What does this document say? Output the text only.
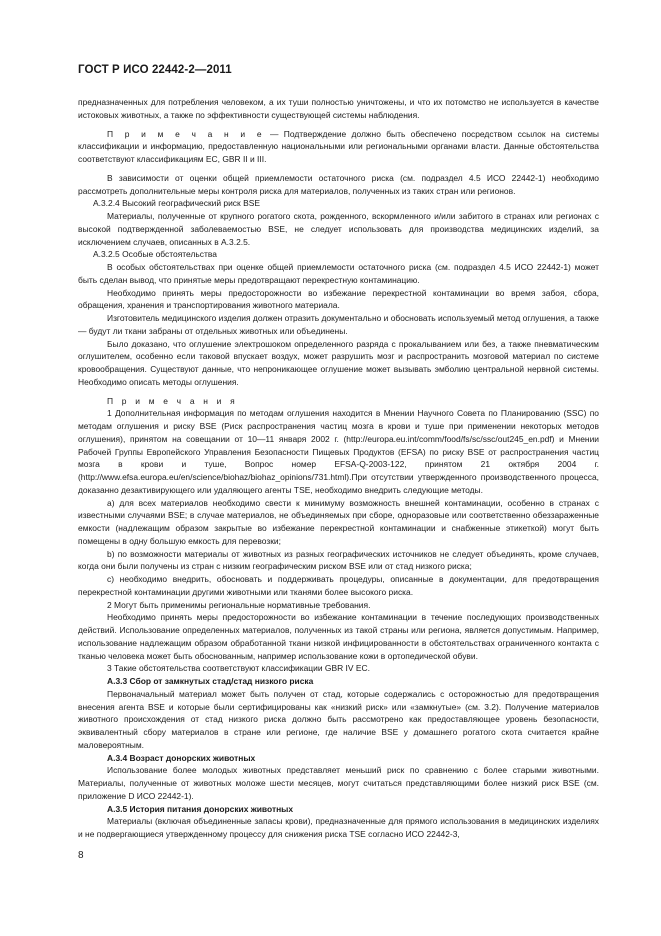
ГОСТ Р ИСО 22442-2—2011

предназначенных для потребления человеком, а их туши полностью уничтожены, и что их потомство не используется в качестве истоковых животных, а также по эффективности существующей системы наблюдения.

П р и м е ч а н и е — Подтверждение должно быть обеспечено посредством ссылок на системы классификации и информацию, предоставленную национальными или региональными органами власти. Данные обстоятельства соответствуют классификациям ЕС, GBR II и III.

В зависимости от оценки общей приемлемости остаточного риска (см. подраздел 4.5 ИСО 22442-1) необходимо рассмотреть дополнительные меры контроля риска для материалов, полученных из таких стран или регионов.

А.3.2.4 Высокий географический риск BSE

Материалы, полученные от крупного рогатого скота, рожденного, вскормленного и/или забитого в странах или регионах с высокой подтвержденной заболеваемостью BSE, не следует использовать для производства медицинских изделий, за исключением случаев, описанных в А.3.2.5.

А.3.2.5 Особые обстоятельства

В особых обстоятельствах при оценке общей приемлемости остаточного риска (см. подраздел 4.5 ИСО 22442-1) может быть сделан вывод, что принятые меры предотвращают перекрестную контаминацию.

Необходимо принять меры предосторожности во избежание перекрестной контаминации во время забоя, сбора, обращения, хранения и транспортирования животного материала.

Изготовитель медицинского изделия должен отразить документально и обосновать используемый метод оглушения, а также — будут ли ткани забраны от отдельных животных или объединены.

Было доказано, что оглушение электрошоком определенного разряда с прокалыванием или без, а также пневматическим оглушителем, особенно если таковой впускает воздух, может разрушить мозг и распространить мозговой материал по системе кровообращения. Существуют данные, что непроникающее оглушение может вызывать эмболию центральной нервной системы. Необходимо описать методы оглушения.

П р и м е ч а н и я

1 Дополнительная информация по методам оглушения находится в Мнении Научного Совета по Планированию (SSC) по методам оглушения и риску BSE (Риск распространения частиц мозга в крови и туше при применении некоторых методов оглушения), принятом на совещании от 10—11 января 2002 г. (http://europa.eu.int/comm/food/fs/sc/ssc/out245_en.pdf) и Мнении Рабочей Группы Европейского Управления Безопасности Пищевых Продуктов (EFSA) по риску BSE от распространения частиц мозга в крови и туше, Вопрос номер EFSA-Q-2003-122, принятом 21 октября 2004 г. (http://www.efsa.europa.eu/en/science/biohaz/biohaz_opinions/731.html).При отсутствии утвержденного производственного процесса, доказанно дезактивирующего или удаляющего агенты TSE, необходимо внедрить следующие методы.

a) для всех материалов необходимо свести к минимуму возможность внешней контаминации, особенно в странах с известными случаями BSE; в случае материалов, не объединяемых при сборе, одноразовые или соответственно обеззараженные емкости (надлежащим образом закрытые во избежание перекрестной контаминации и снабженные этикеткой) могут быть помещены в одну большую емкость для перевозки;

b) по возможности материалы от животных из разных географических источников не следует объединять, кроме случаев, когда они были получены из стран с низким географическим риском BSE или от стад низкого риска;

c) необходимо внедрить, обосновать и поддерживать процедуры, описанные в документации, для предотвращения перекрестной контаминации другими животными или тканями более высокого риска.

2 Могут быть применимы региональные нормативные требования.

Необходимо принять меры предосторожности во избежание контаминации в течение последующих производственных действий. Использование определенных материалов, полученных из такой страны или региона, является допустимым. Например, использование надлежащим образом обработанной ткани низкой инфицированности в обстоятельствах ограниченного контакта с тканью человека может быть обоснованным, например использование кожи в ортопедической обуви.

3 Такие обстоятельства соответствуют классификации GBR IV ЕС.

А.3.3 Сбор от замкнутых стад/стад низкого риска

Первоначальный материал может быть получен от стад, которые содержались с осторожностью для предотвращения внесения агента BSE и которые были сертифицированы как «низкий риск» или «замкнутые» (см. 3.2). Получение материалов животного происхождения от стад низкого риска должно быть рассмотрено как предоставляющее уровень безопасности, эквивалентный сбору материалов в стране или регионе, где наличие BSE у домашнего рогатого скота считается крайне маловероятным.

А.3.4 Возраст донорских животных

Использование более молодых животных представляет меньший риск по сравнению с более старыми животными. Материалы, полученные от животных моложе шести месяцев, могут считаться представляющими более низкий риск BSE (см. приложение D ИСО 22442-1).

А.3.5 История питания донорских животных

Материалы (включая объединенные запасы крови), предназначенные для прямого использования в медицинских изделиях и не подвергающиеся утвержденному процессу для снижения риска TSE согласно ИСО 22442-3,

8
